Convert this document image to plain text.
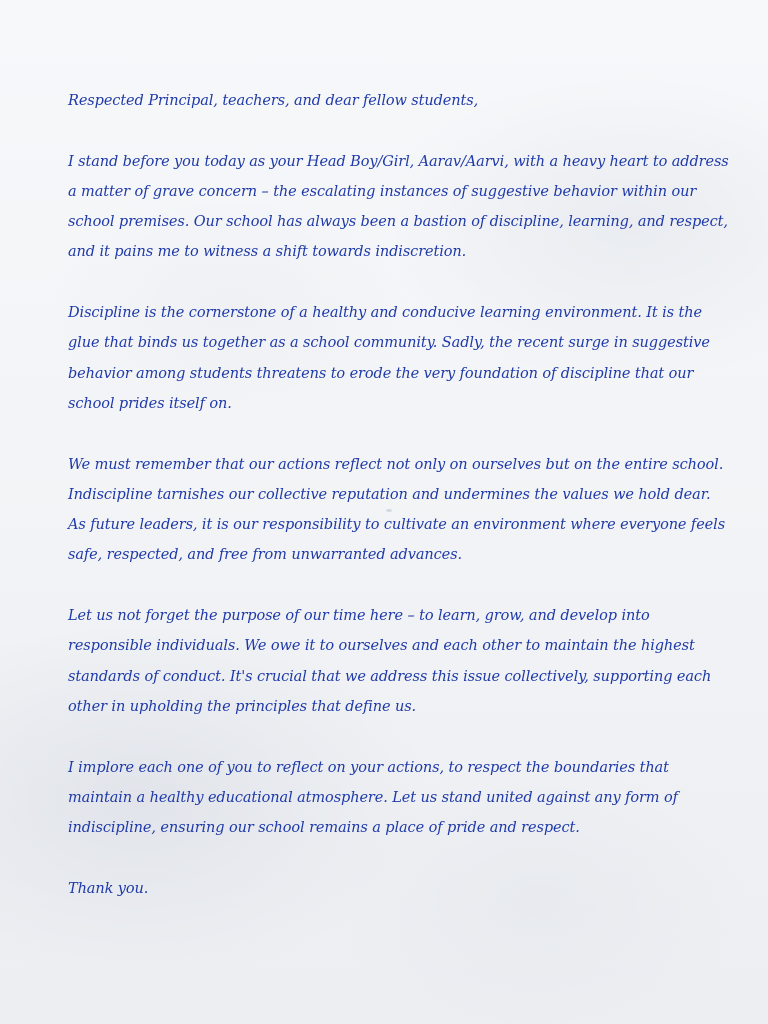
Respected Principal, teachers, and dear fellow students,

I stand before you today as your Head Boy/Girl, Aarav/Aarvi, with a heavy heart to address a matter of grave concern – the escalating instances of suggestive behavior within our school premises. Our school has always been a bastion of discipline, learning, and respect, and it pains me to witness a shift towards indiscretion.

Discipline is the cornerstone of a healthy and conducive learning environment. It is the glue that binds us together as a school community. Sadly, the recent surge in suggestive behavior among students threatens to erode the very foundation of discipline that our school prides itself on.

We must remember that our actions reflect not only on ourselves but on the entire school. Indiscipline tarnishes our collective reputation and undermines the values we hold dear. As future leaders, it is our responsibility to cultivate an environment where everyone feels safe, respected, and free from unwarranted advances.

Let us not forget the purpose of our time here – to learn, grow, and develop into responsible individuals. We owe it to ourselves and each other to maintain the highest standards of conduct. It's crucial that we address this issue collectively, supporting each other in upholding the principles that define us.

I implore each one of you to reflect on your actions, to respect the boundaries that maintain a healthy educational atmosphere. Let us stand united against any form of indiscipline, ensuring our school remains a place of pride and respect.

Thank you.
